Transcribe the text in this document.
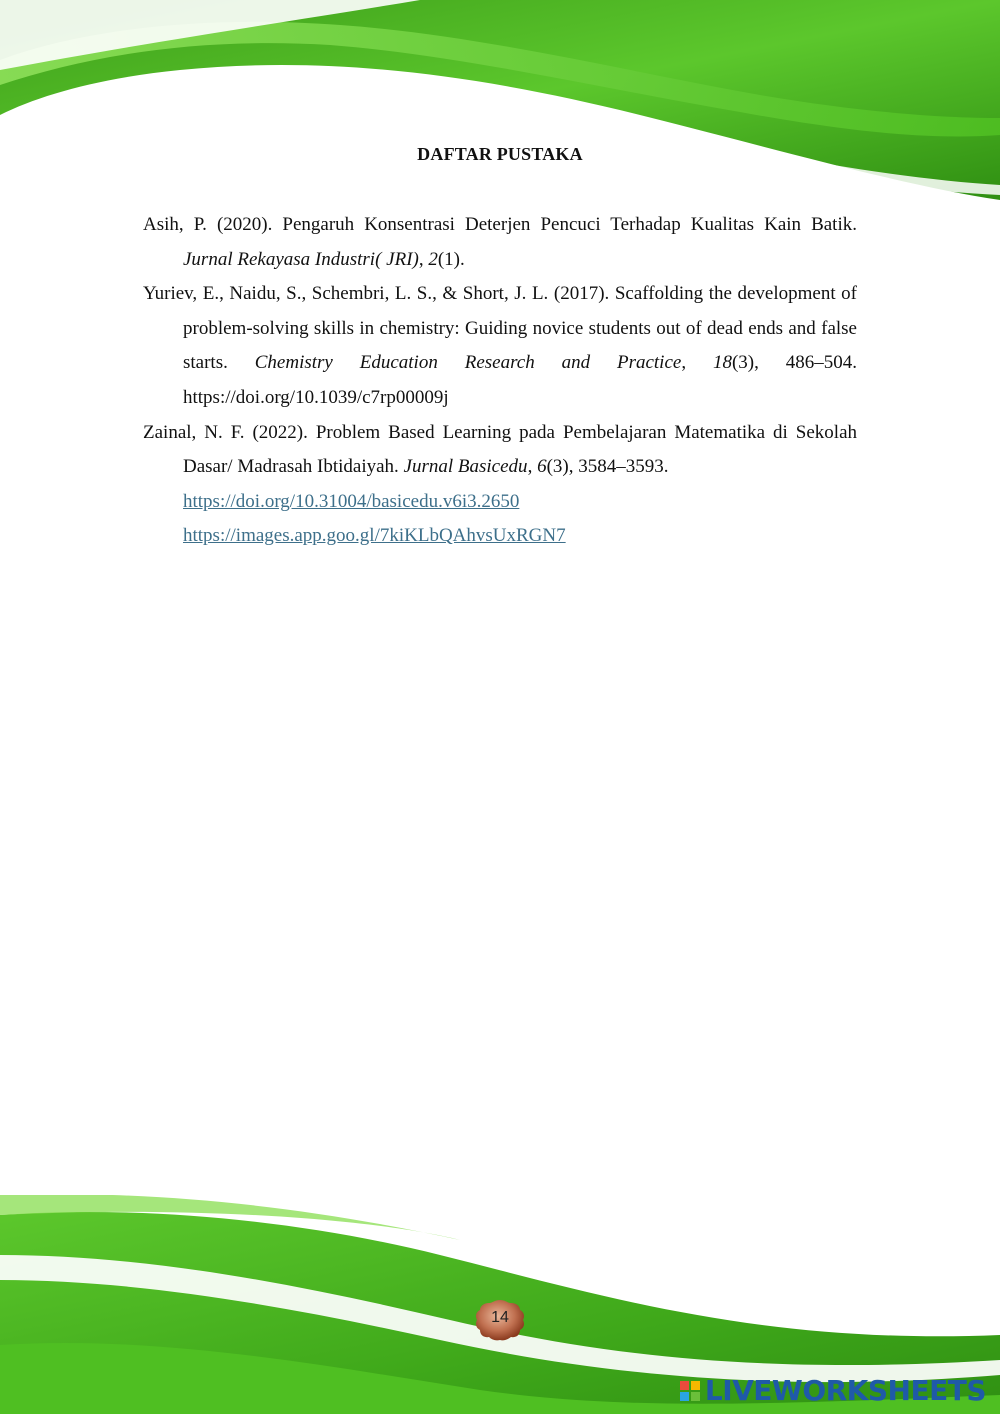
DAFTAR PUSTAKA

Asih, P. (2020). Pengaruh Konsentrasi Deterjen Pencuci Terhadap Kualitas Kain Batik. Jurnal Rekayasa Industri( JRI), 2(1).

Yuriev, E., Naidu, S., Schembri, L. S., & Short, J. L. (2017). Scaffolding the development of problem-solving skills in chemistry: Guiding novice students out of dead ends and false starts. Chemistry Education Research and Practice, 18(3), 486–504. https://doi.org/10.1039/c7rp00009j

Zainal, N. F. (2022). Problem Based Learning pada Pembelajaran Matematika di Sekolah Dasar/ Madrasah Ibtidaiyah. Jurnal Basicedu, 6(3), 3584–3593.
https://doi.org/10.31004/basicedu.v6i3.2650
https://images.app.goo.gl/7kiKLbQAhvsUxRGN7

14
LIVEWORKSHEETS
